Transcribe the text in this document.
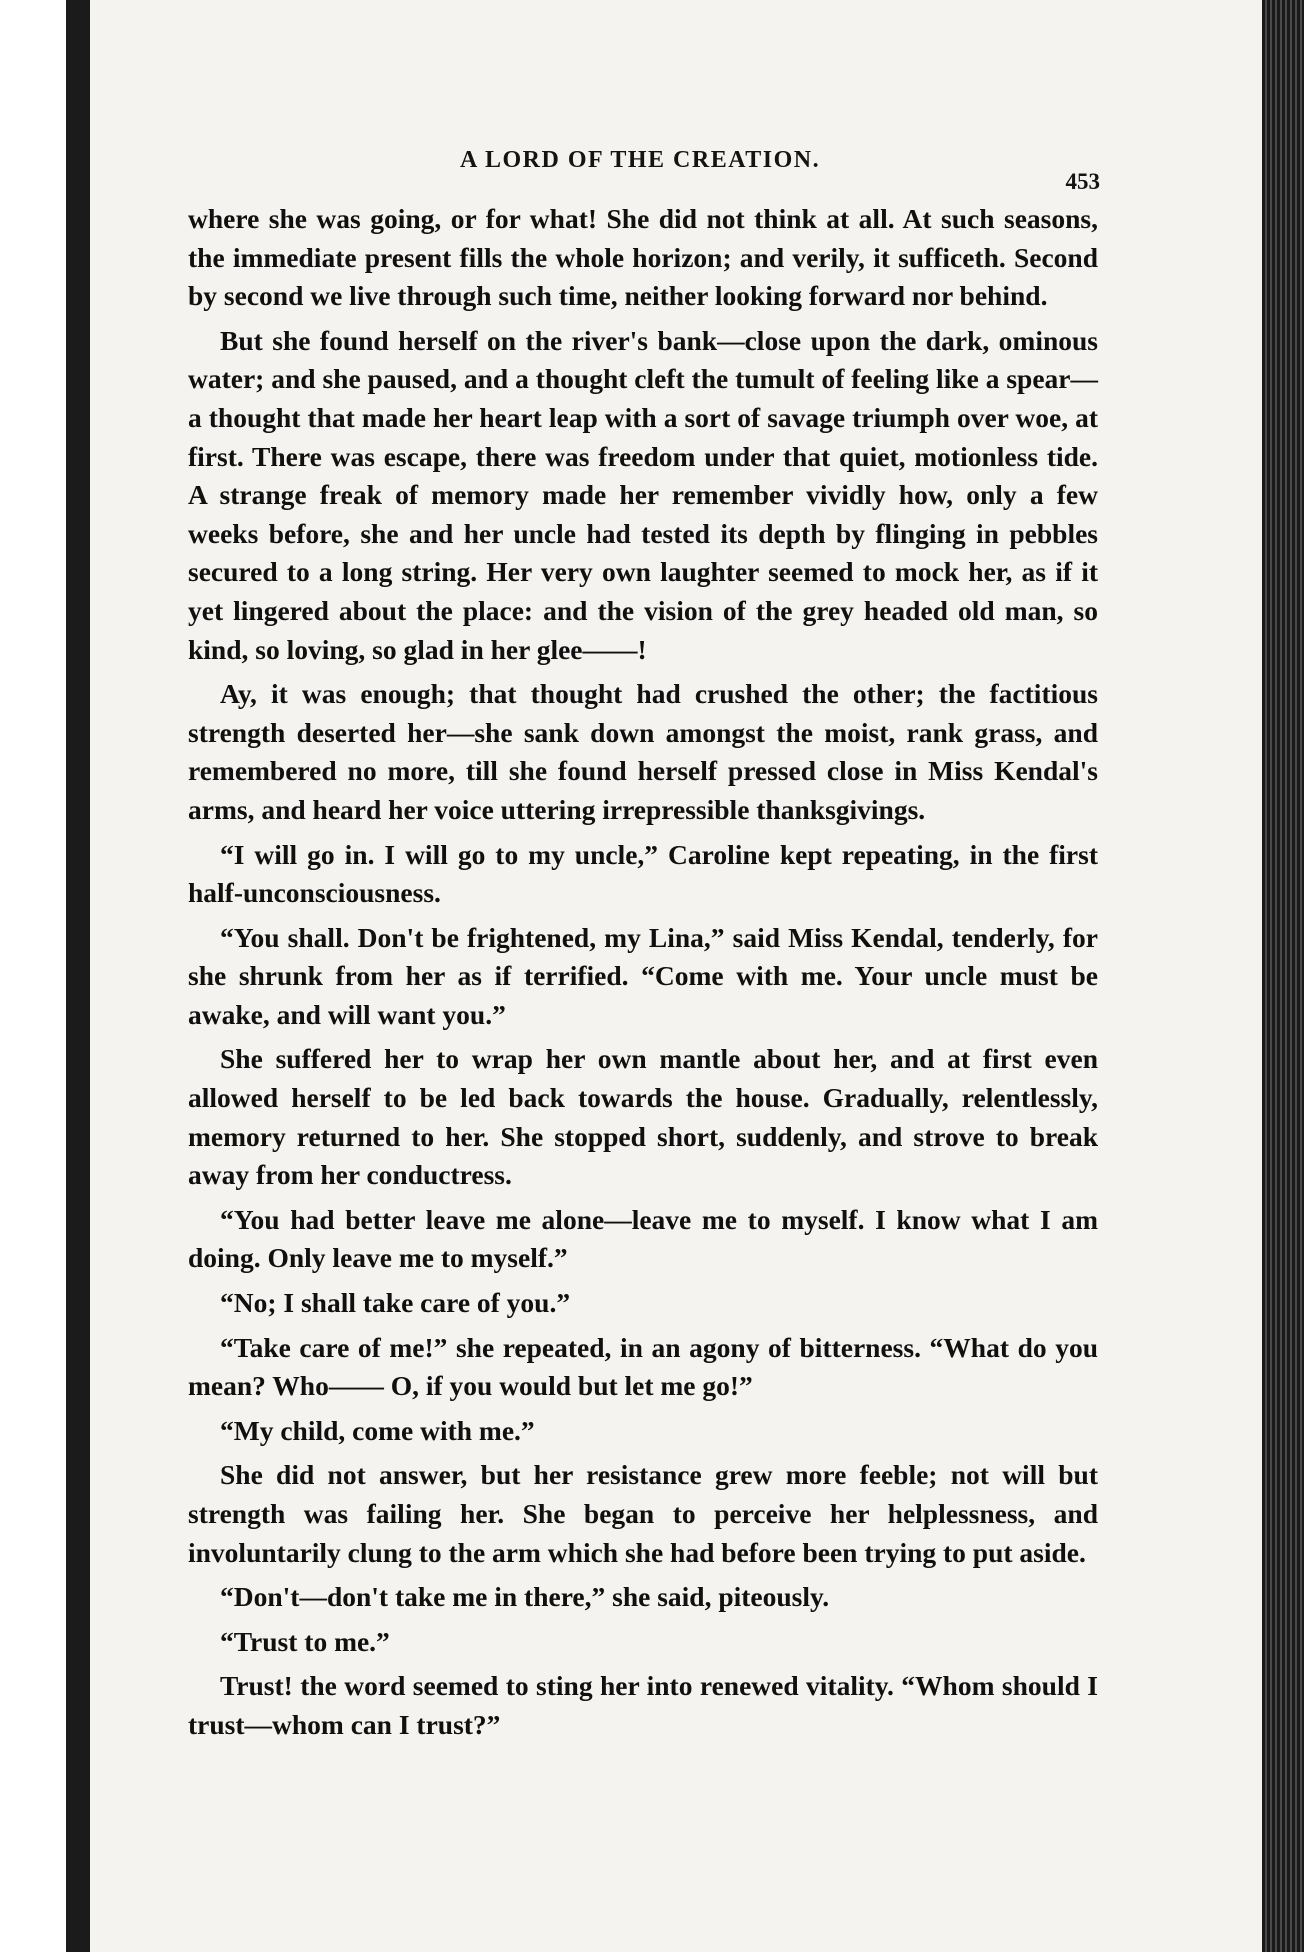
A LORD OF THE CREATION.
453

where she was going, or for what! She did not think at all. At such seasons, the immediate present fills the whole horizon; and verily, it sufficeth. Second by second we live through such time, neither looking forward nor behind.

But she found herself on the river's bank—close upon the dark, ominous water; and she paused, and a thought cleft the tumult of feeling like a spear—a thought that made her heart leap with a sort of savage triumph over woe, at first. There was escape, there was freedom under that quiet, motionless tide. A strange freak of memory made her remember vividly how, only a few weeks before, she and her uncle had tested its depth by flinging in pebbles secured to a long string. Her very own laughter seemed to mock her, as if it yet lingered about the place: and the vision of the grey headed old man, so kind, so loving, so glad in her glee——!

Ay, it was enough; that thought had crushed the other; the factitious strength deserted her—she sank down amongst the moist, rank grass, and remembered no more, till she found herself pressed close in Miss Kendal's arms, and heard her voice uttering irrepressible thanksgivings.

“I will go in. I will go to my uncle,” Caroline kept repeating, in the first half-unconsciousness.

“You shall. Don't be frightened, my Lina,” said Miss Kendal, tenderly, for she shrunk from her as if terrified. “Come with me. Your uncle must be awake, and will want you.”

She suffered her to wrap her own mantle about her, and at first even allowed herself to be led back towards the house. Gradually, relentlessly, memory returned to her. She stopped short, suddenly, and strove to break away from her conductress.

“You had better leave me alone—leave me to myself. I know what I am doing. Only leave me to myself.”

“No; I shall take care of you.”

“Take care of me!” she repeated, in an agony of bitterness. “What do you mean? Who—— O, if you would but let me go!”

“My child, come with me.”

She did not answer, but her resistance grew more feeble; not will but strength was failing her. She began to perceive her helplessness, and involuntarily clung to the arm which she had before been trying to put aside.

“Don't—don't take me in there,” she said, piteously.

“Trust to me.”

Trust! the word seemed to sting her into renewed vitality. “Whom should I trust—whom can I trust?”
